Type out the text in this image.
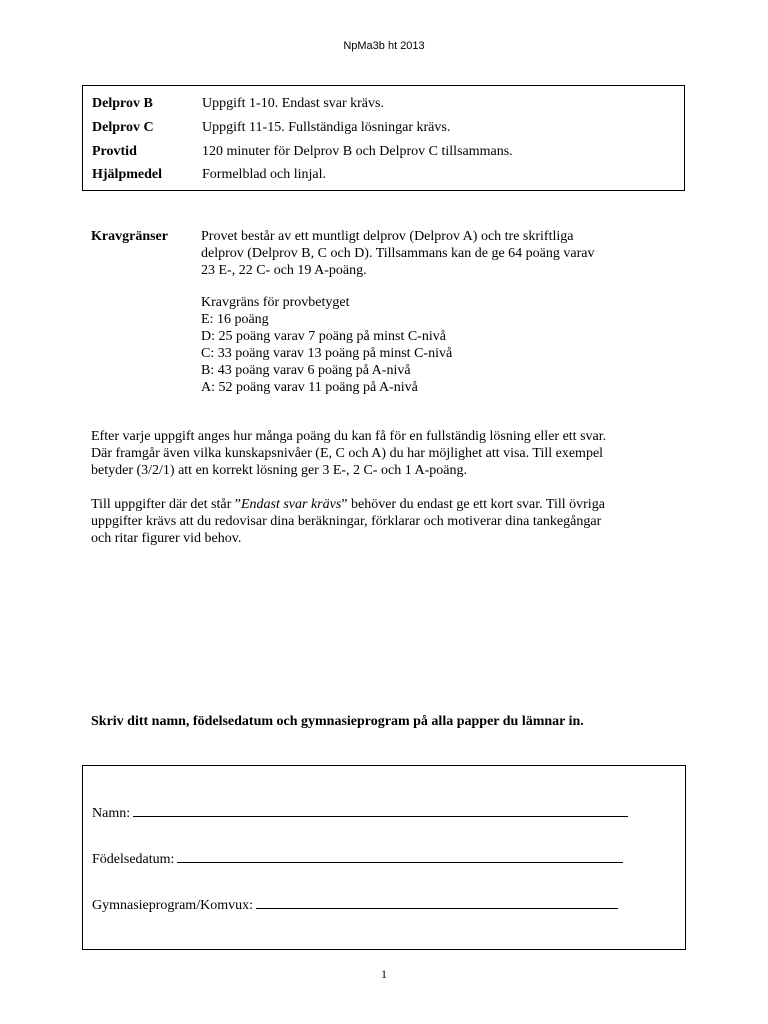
NpMa3b ht 2013
Delprov B	Uppgift 1-10. Endast svar krävs.
Delprov C	Uppgift 11-15. Fullständiga lösningar krävs.
Provtid	120 minuter för Delprov B och Delprov C tillsammans.
Hjälpmedel	Formelblad och linjal.
Kravgränser Provet består av ett muntligt delprov (Delprov A) och tre skriftliga

delprov (Delprov B, C och D). Tillsammans kan de ge 64 poäng varav

23 E-, 22 C- och 19 A-poäng.

Kravgräns för provbetyget
E: 16 poäng
D: 25 poäng varav 7 poäng på minst C-nivå
C: 33 poäng varav 13 poäng på minst C-nivå
B: 43 poäng varav 6 poäng på A-nivå
A: 52 poäng varav 11 poäng på A-nivå

Efter varje uppgift anges hur många poäng du kan få för en fullständig lösning eller ett svar.

Där framgår även vilka kunskapsnivåer (E, C och A) du har möjlighet att visa. Till exempel

betyder (3/2/1) att en korrekt lösning ger 3 E-, 2 C- och 1 A-poäng.

Till uppgifter där det står ”Endast svar krävs” behöver du endast ge ett kort svar. Till övriga

uppgifter krävs att du redovisar dina beräkningar, förklarar och motiverar dina tankegångar

och ritar figurer vid behov.

Skriv ditt namn, födelsedatum och gymnasieprogram på alla papper du lämnar in.
Namn:
Födelsedatum:
Gymnasieprogram/Komvux:
1
